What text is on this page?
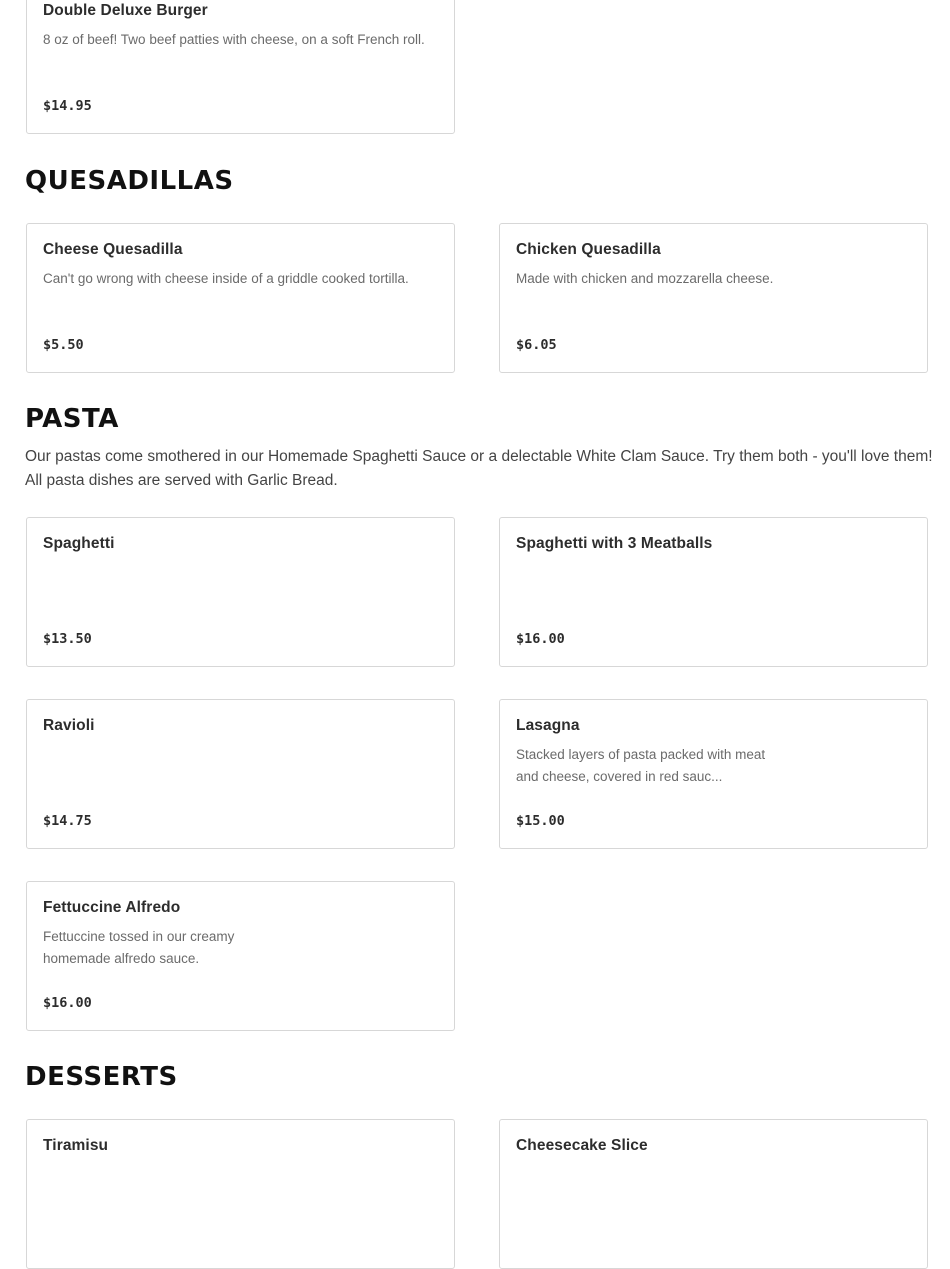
Double Deluxe Burger
8 oz of beef! Two beef patties with cheese, on a soft French roll.
$14.95
QUESADILLAS
Cheese Quesadilla
Can't go wrong with cheese inside of a griddle cooked tortilla.
$5.50
Chicken Quesadilla
Made with chicken and mozzarella cheese.
$6.05
PASTA

Our pastas come smothered in our Homemade Spaghetti Sauce or a delectable White Clam Sauce. Try them both - you'll love them! All pasta dishes are served with Garlic Bread.

Spaghetti
$13.50
Spaghetti with 3 Meatballs
$16.00
Ravioli
$14.75
Lasagna
Stacked layers of pasta packed with meat and cheese, covered in red sauc...
$15.00
Fettuccine Alfredo
Fettuccine tossed in our creamy homemade alfredo sauce.
$16.00
DESSERTS
Tiramisu	Cheesecake Slice
